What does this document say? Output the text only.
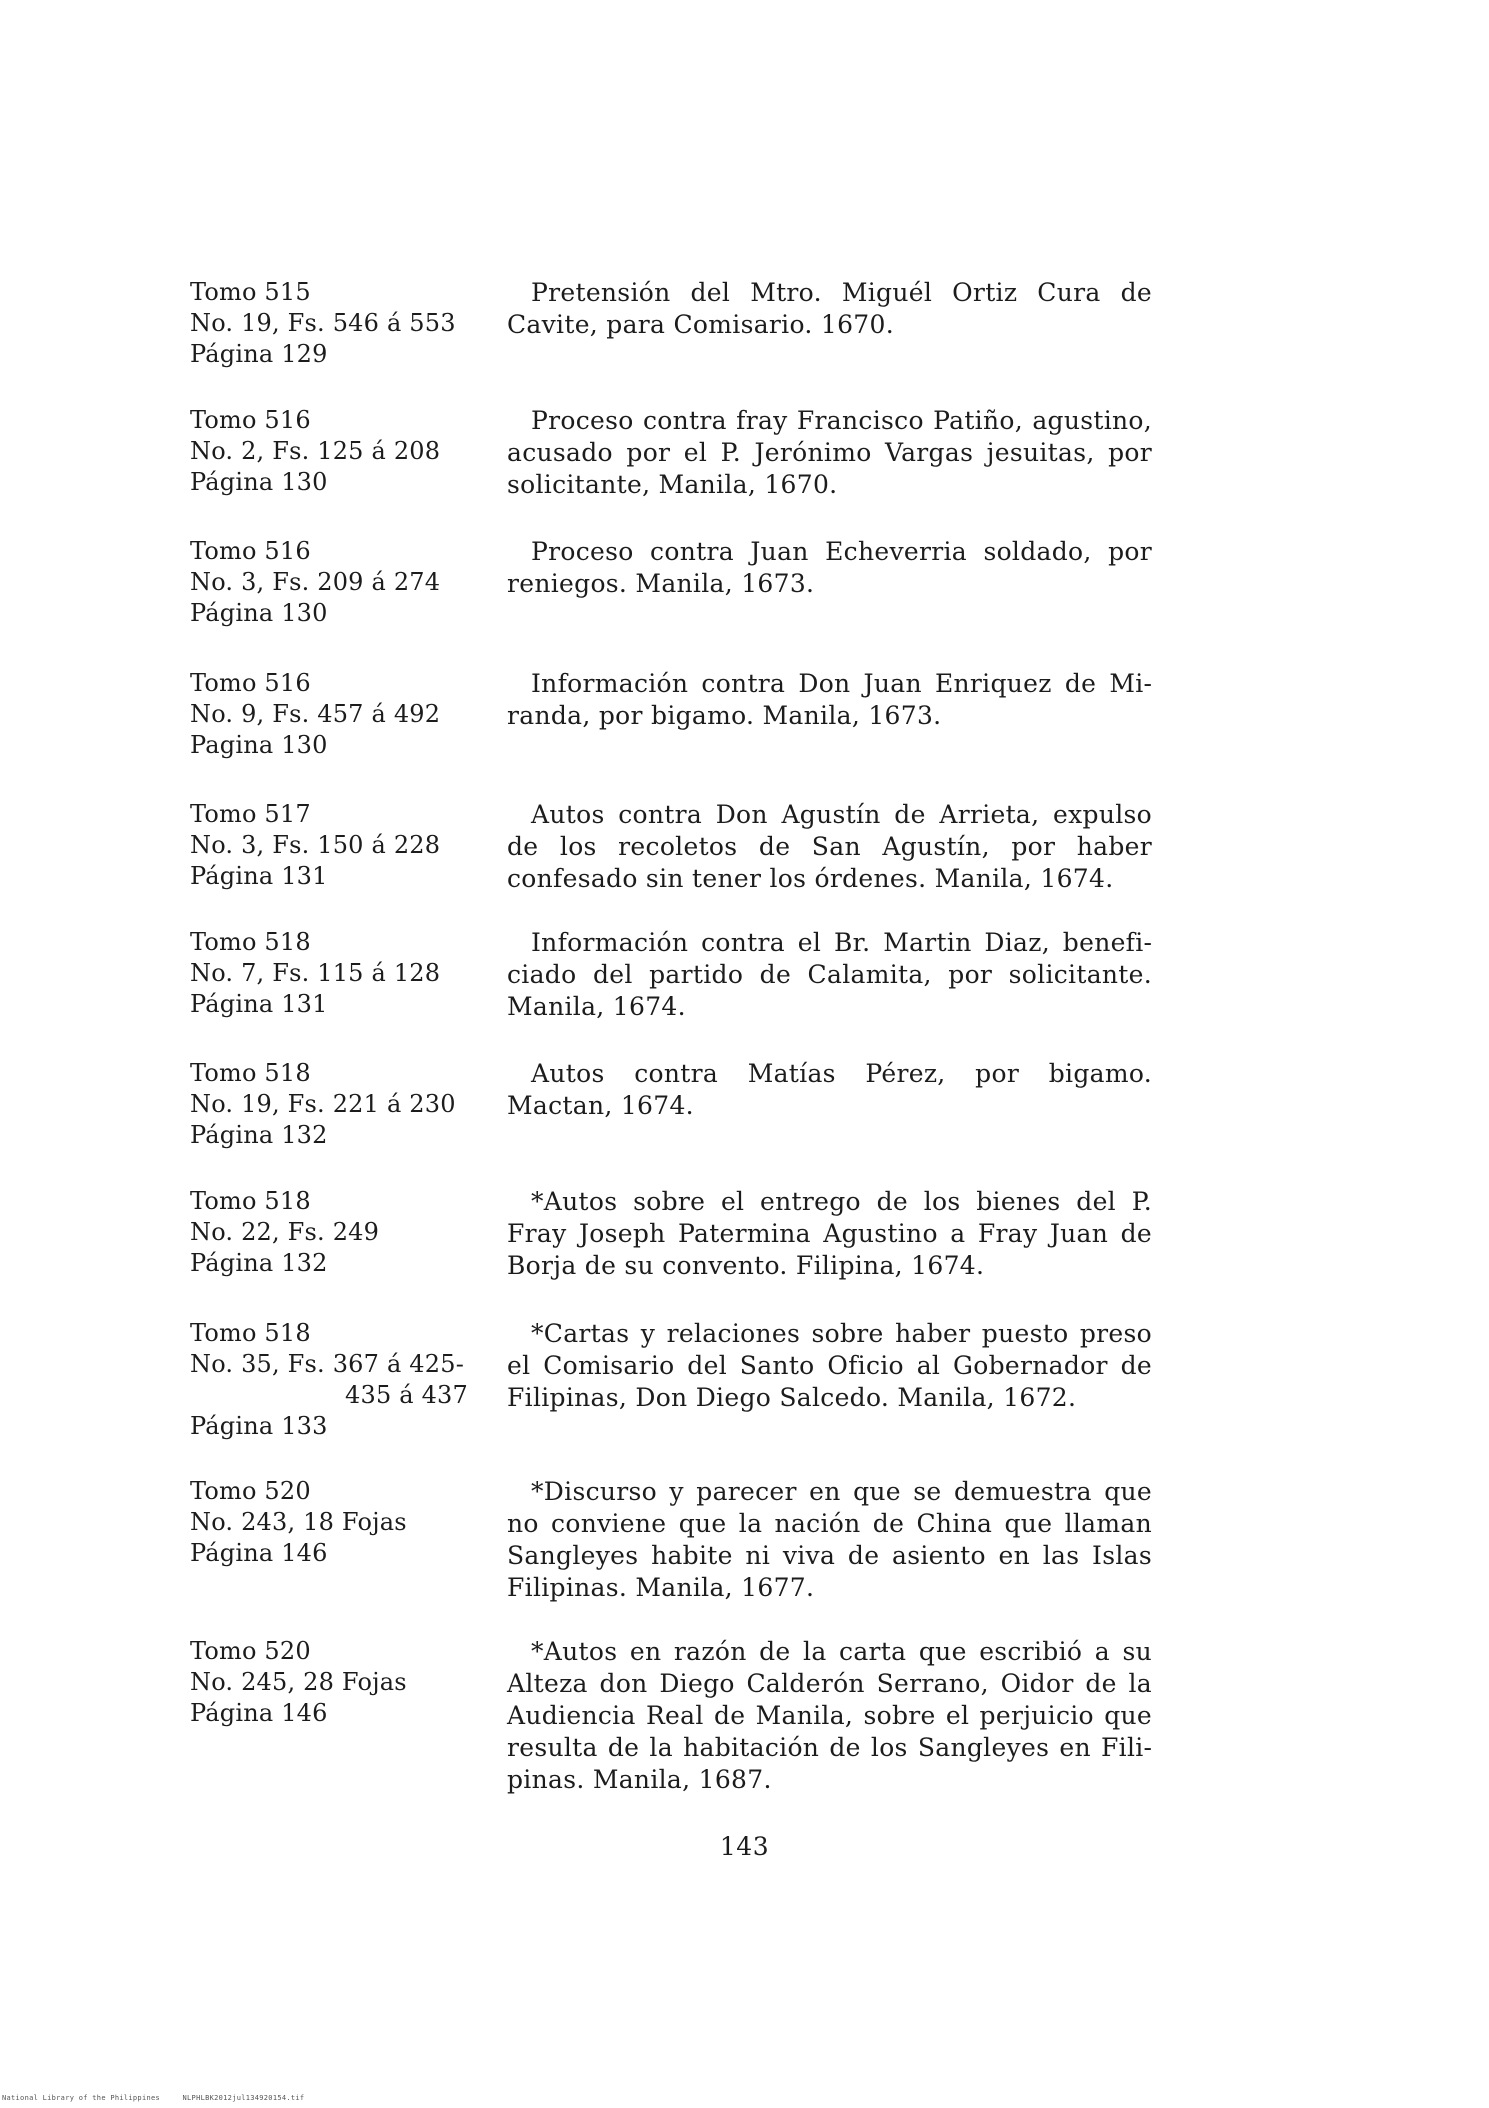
Tomo 515
No. 19, Fs. 546 á 553
Página 129
Pretensión del Mtro. Miguél Ortiz Cura de Cavite, para Comisario. 1670.
Tomo 516
No. 2, Fs. 125 á 208
Página 130
Proceso contra fray Francisco Patiño, agustino, acusado por el P. Jerónimo Vargas jesuitas, por solicitante, Manila, 1670.
Tomo 516
No. 3, Fs. 209 á 274
Página 130
Proceso contra Juan Echeverria soldado, por reniegos. Manila, 1673.
Tomo 516
No. 9, Fs. 457 á 492
Pagina 130
Información contra Don Juan Enriquez de Miranda, por bigamo. Manila, 1673.
Tomo 517
No. 3, Fs. 150 á 228
Página 131
Autos contra Don Agustín de Arrieta, expulso de los recoletos de San Agustín, por haber confesado sin tener los órdenes. Manila, 1674.
Tomo 518
No. 7, Fs. 115 á 128
Página 131
Información contra el Br. Martin Diaz, beneficiado del partido de Calamita, por solicitante. Manila, 1674.
Tomo 518
No. 19, Fs. 221 á 230
Página 132
Autos contra Matías Pérez, por bigamo. Mactan, 1674.
Tomo 518
No. 22, Fs. 249
Página 132
*Autos sobre el entrego de los bienes del P. Fray Joseph Patermina Agustino a Fray Juan de Borja de su convento. Filipina, 1674.
Tomo 518
No. 35, Fs. 367 á 425-
435 á 437
Página 133
*Cartas y relaciones sobre haber puesto preso el Comisario del Santo Oficio al Gobernador de Filipinas, Don Diego Salcedo. Manila, 1672.
Tomo 520
No. 243, 18 Fojas
Página 146
*Discurso y parecer en que se demuestra que no conviene que la nación de China que llaman Sangleyes habite ni viva de asiento en las Islas Filipinas. Manila, 1677.
Tomo 520
No. 245, 28 Fojas
Página 146
*Autos en razón de la carta que escribió a su Alteza don Diego Calderón Serrano, Oidor de la Audiencia Real de Manila, sobre el perjuicio que resulta de la habitación de los Sangleyes en Filipinas. Manila, 1687.
143
National Library of the Philippines	NLPHLBK2012jul134920154.tif
